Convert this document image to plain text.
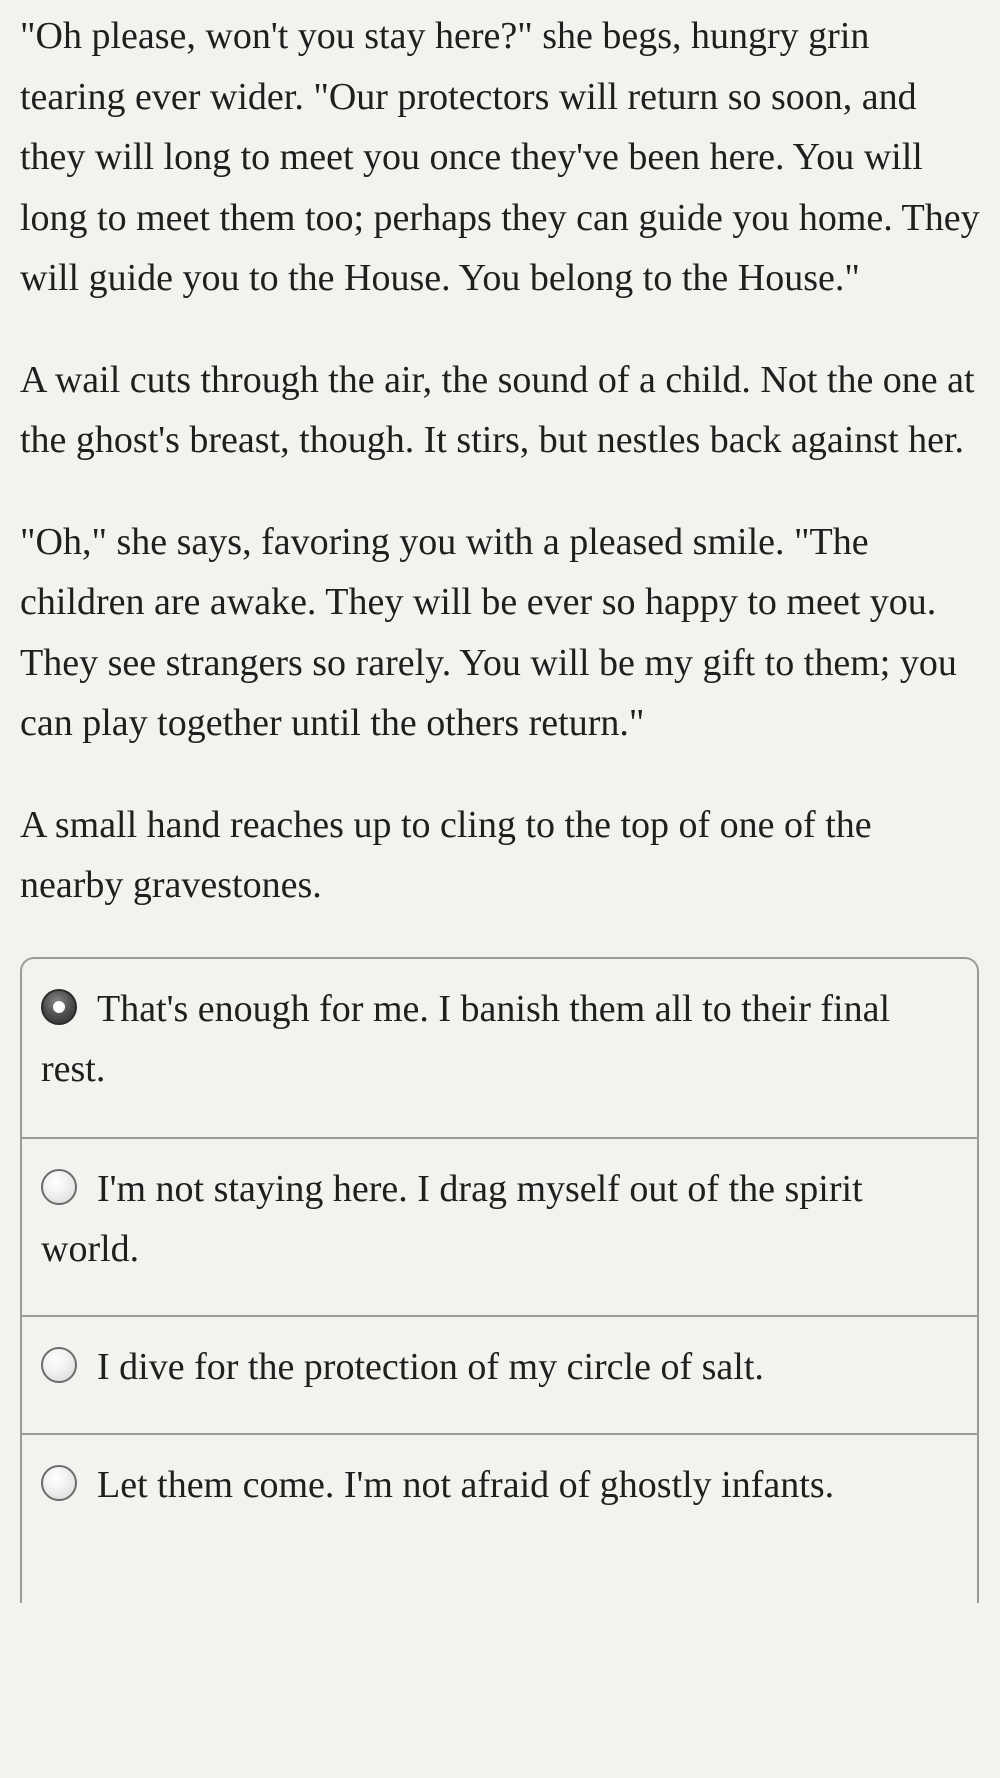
"Oh please, won't you stay here?" she begs, hungry grin tearing ever wider. "Our protectors will return so soon, and they will long to meet you once they've been here. You will long to meet them too; perhaps they can guide you home. They will guide you to the House. You belong to the House."

A wail cuts through the air, the sound of a child. Not the one at the ghost's breast, though. It stirs, but nestles back against her.

"Oh," she says, favoring you with a pleased smile. "The children are awake. They will be ever so happy to meet you. They see strangers so rarely. You will be my gift to them; you can play together until the others return."

A small hand reaches up to cling to the top of one of the nearby gravestones.

That's enough for me. I banish them all to their final rest.
I'm not staying here. I drag myself out of the spirit world.
I dive for the protection of my circle of salt.
Let them come. I'm not afraid of ghostly infants.
